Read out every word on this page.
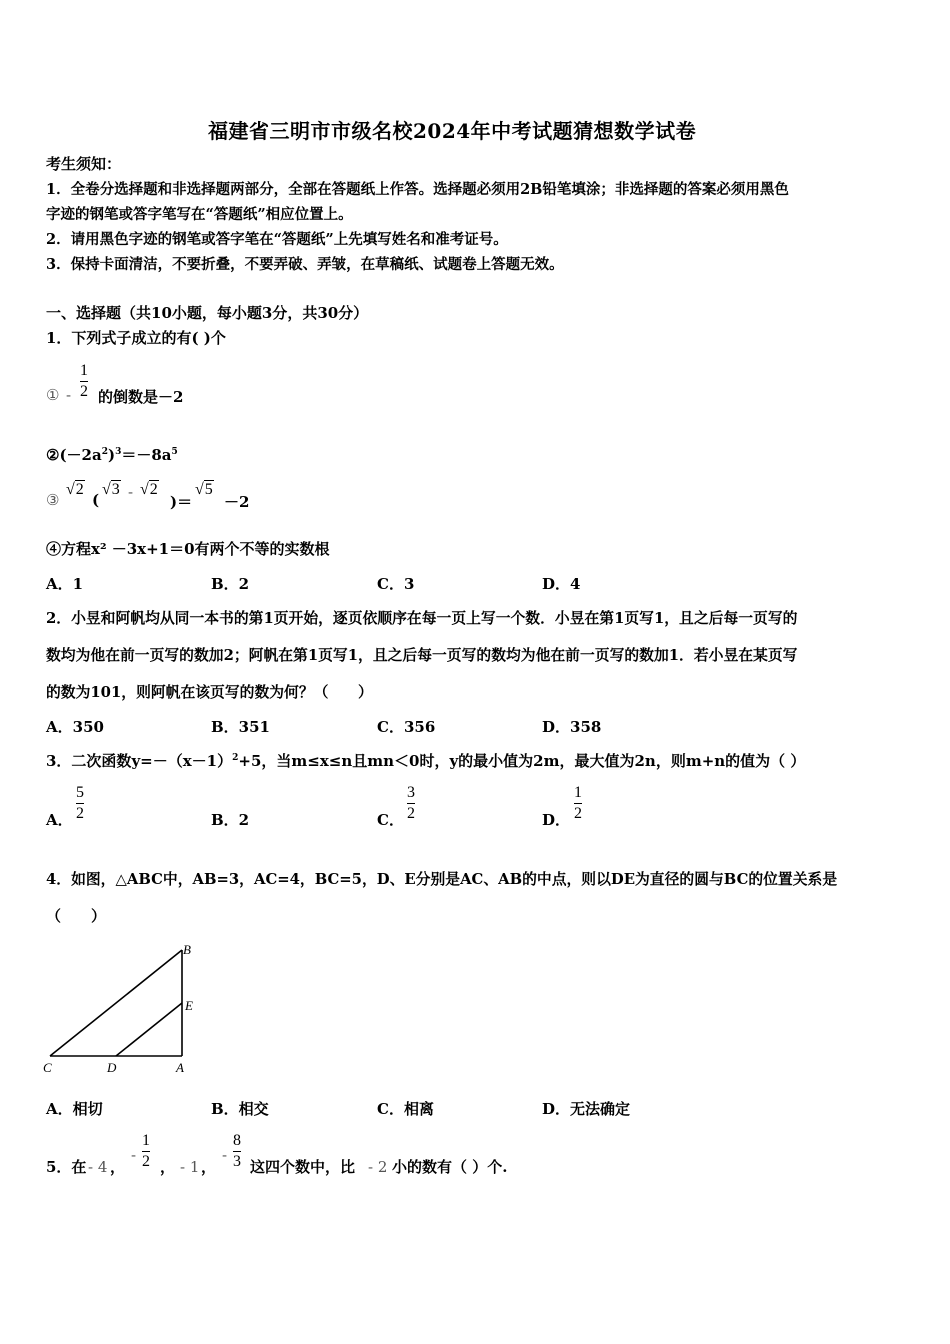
福建省三明市市级名校2024年中考试题猜想数学试卷
考生须知：
1．全卷分选择题和非选择题两部分，全部在答题纸上作答。选择题必须用2B铅笔填涂；非选择题的答案必须用黑色
字迹的钢笔或答字笔写在“答题纸”相应位置上。
2．请用黑色字迹的钢笔或答字笔在“答题纸”上先填写姓名和准考证号。
3．保持卡面清洁，不要折叠，不要弄破、弄皱，在草稿纸、试题卷上答题无效。
一、选择题（共10小题，每小题3分，共30分）
1．下列式子成立的有( )个
① -
1
2 的倒数是－2
$②(-2a^2)^3=-8a^5$
③
√2
(
√3 - √2
)＝
√5
－2
④方程x² －3x+1＝0有两个不等的实数根
A．1	B．2	C．3	D．4
2．小昱和阿帆均从同一本书的第1页开始，逐页依顺序在每一页上写一个数．小昱在第1页写1，且之后每一页写的
数均为他在前一页写的数加2；阿帆在第1页写1，且之后每一页写的数均为他在前一页写的数加1．若小昱在某页写
的数为101，则阿帆在该页写的数为何？（　　）
A．350	B．351	C．356	D．358
3．二次函数$y=-(x-1)^2+5$，当m≤x≤n且mn＜0时，y的最小值为2m，最大值为2n，则m+n的值为（ ）
A．
5
2	B．2	C．
3
2	D．
1
2
4．如图，△ABC中，AB=3，AC=4，BC=5，D、E分别是AC、AB的中点，则以DE为直径的圆与BC的位置关系是
（　　）
B
E
C	D	A
A．相切	B．相交	C．相离	D．无法确定
5．在 - 4 ，
-
1
2 ， - 1 ，
-
8
3 这四个数中，比 - 2 小的数有（ ）个.
